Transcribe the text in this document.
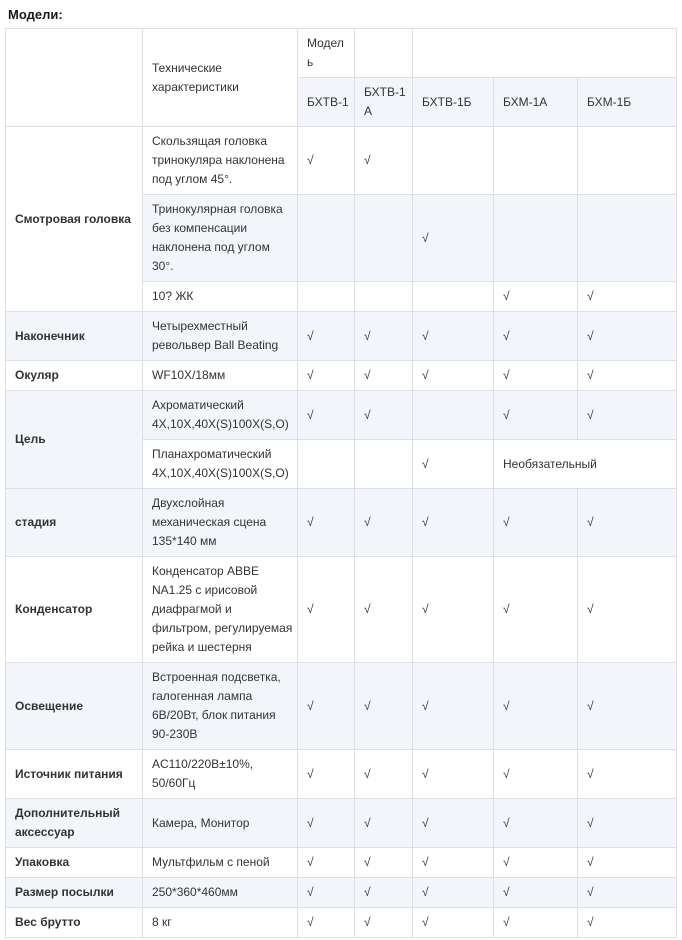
Модели:
	Технические характеристики	Модель				
		БХТВ-1	БХТВ-1А	БХТВ-1Б	БХМ-1А	БХМ-1Б
Смотровая головка	Скользящая головка тринокуляра наклонена под углом 45°.	√	√			
	Тринокулярная головка без компенсации наклонена под углом 30°.			√		
	10? ЖК				√	√
Наконечник	Четырехместный револьвер Ball Beating	√	√	√	√	√
Окуляр	WF10X/18мм	√	√	√	√	√
Цель	Ахроматический 4X,10X,40X(S)100X(S,O)	√	√		√	√
	Планахроматический 4X,10X,40X(S)100X(S,O)			√	Необязательный	
стадия	Двухслойная механическая сцена 135*140 мм	√	√	√	√	√
Конденсатор	Конденсатор ABBE NA1.25 с ирисовой диафрагмой и фильтром, регулируемая рейка и шестерня	√	√	√	√	√
Освещение	Встроенная подсветка, галогенная лампа 6В/20Вт, блок питания 90-230В	√	√	√	√	√
Источник питания	AC110/220В±10%, 50/60Гц	√	√	√	√	√
Дополнительный аксессуар	Камера, Монитор	√	√	√	√	√
Упаковка	Мультфильм с пеной	√	√	√	√	√
Размер посылки	250*360*460мм	√	√	√	√	√
Вес брутто	8 кг	√	√	√	√	√
